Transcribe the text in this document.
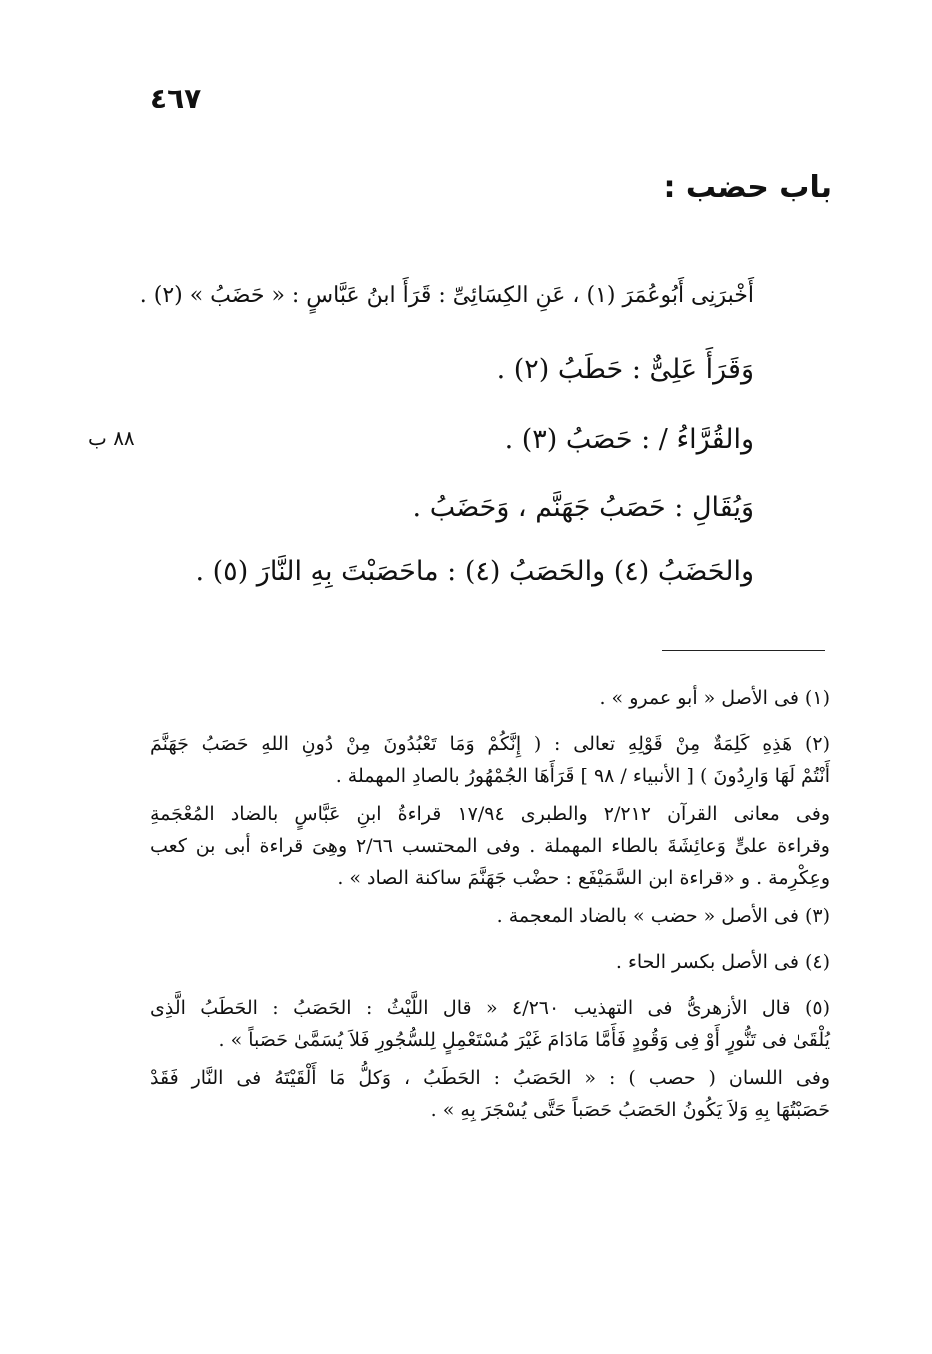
٤٦٧
باب حضب :
أَخْبرَنِى أَبُوعُمَرَ (١) ، عَنِ الكِسَائِىِّ : قَرَأَ ابنُ عَبَّاسٍ : « حَضَبُ » (٢) .
وَقَرَأَ عَلِىٌّ : حَطَبُ (٢) .
والقُرَّاءُ / : حَصَبُ (٣) .
وَيُقَالِ : حَصَبُ جَهَنَّم ، وَحَضَبُ .
والحَضَبُ (٤) والحَصَبُ (٤) : ماحَصَبْتَ بِهِ النَّارَ (٥) .
٨٨ ب
(١) فى الأصل « أبو عمرو » .
(٢) هَذِهِ كَلِمَةٌ مِنْ قَوْلِهِ تعالى : ( إِنَّكُمْ وَمَا تَعْبُدُونَ مِنْ دُونِ اللهِ حَصَبُ جَهَنَّمَ
أَنْتُمْ لَهَا وَارِدُونَ ) [ الأنبياء / ٩٨ ] قَرَأَهَا الجُمْهُورُ بالصادِ المهملة .
وفى معانى القرآن ٢/٢١٢ والطبرى ١٧/٩٤ قراءةُ ابنِ عَبَّاسٍ بالضاد المُعْجَمةِ
وقراءة علىٍّ وَعائِشَةَ بالطاء المهملة . وفى المحتسب ٢/٦٦ وهِىَ قراءة أبى بن كعب
وعِكْرِمة . و «قراءة ابن السَّمَيْفَع : حضْب جَهَنَّمَ ساكنة الصاد » .
(٣) فى الأصل « حضب » بالضاد المعجمة .
(٤) فى الأصل بكسر الحاء .
(٥) قال الأزهرىُّ فى التهذيب ٤/٢٦٠ « قال اللَّيْثُ : الحَصَبُ : الحَطَبُ الَّذِى
يُلْقَىٰ فى تَنُّورٍ أَوْ فِى وَقُودٍ فَأَمَّا مَادَامَ غَيْرَ مُسْتَعْمِلٍ لِلسُّجُورِ فَلاَ يُسَمَّىٰ حَصَباً » .
وفى اللسان ( حصب ) : « الحَصَبُ : الحَطَبُ ، وَكلُّ مَا أَلْقَيْتَهُ فى النَّار فَقَدْ
حَصَبْتُهَا بِهِ وَلاَ يَكُونُ الحَصَبُ حَصَباً حَتَّى يُسْجَرَ بِهِ » .
